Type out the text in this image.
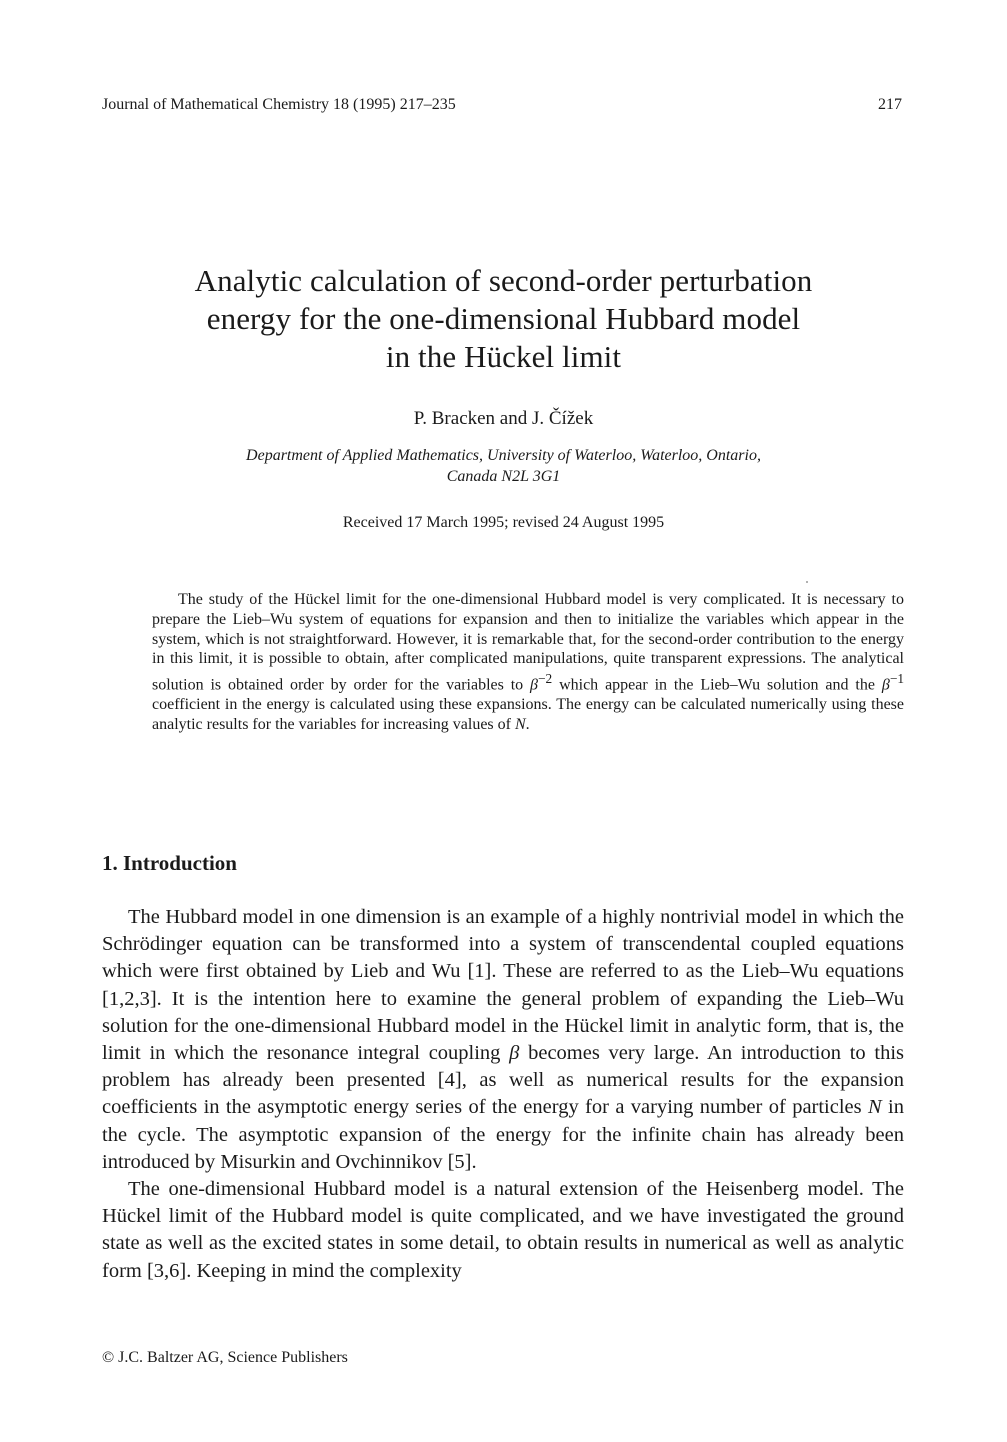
Journal of Mathematical Chemistry 18 (1995) 217–235	217
Analytic calculation of second-order perturbation
energy for the one-dimensional Hubbard model
in the Hückel limit
P. Bracken and J. Čížek
Department of Applied Mathematics, University of Waterloo, Waterloo, Ontario,
Canada N2L 3G1
Received 17 March 1995; revised 24 August 1995
The study of the Hückel limit for the one-dimensional Hubbard model is very complicated. It is necessary to prepare the Lieb–Wu system of equations for expansion and then to initialize the variables which appear in the system, which is not straightforward. However, it is remarkable that, for the second-order contribution to the energy in this limit, it is possible to obtain, after complicated manipulations, quite transparent expressions. The analytical solution is obtained order by order for the variables to $\beta^{-2}$ which appear in the Lieb–Wu solution and the $\beta^{-1}$ coefficient in the energy is calculated using these expansions. The energy can be calculated numerically using these analytic results for the variables for increasing values of N.
1. Introduction

The Hubbard model in one dimension is an example of a highly nontrivial model in which the Schrödinger equation can be transformed into a system of transcendental coupled equations which were first obtained by Lieb and Wu [1]. These are referred to as the Lieb–Wu equations [1,2,3]. It is the intention here to examine the general problem of expanding the Lieb–Wu solution for the one-dimensional Hubbard model in the Hückel limit in analytic form, that is, the limit in which the resonance integral coupling β becomes very large. An introduction to this problem has already been presented [4], as well as numerical results for the expansion coefficients in the asymptotic energy series of the energy for a varying number of particles N in the cycle. The asymptotic expansion of the energy for the infinite chain has already been introduced by Misurkin and Ovchinnikov [5].

The one-dimensional Hubbard model is a natural extension of the Heisenberg model. The Hückel limit of the Hubbard model is quite complicated, and we have investigated the ground state as well as the excited states in some detail, to obtain results in numerical as well as analytic form [3,6]. Keeping in mind the complexity

© J.C. Baltzer AG, Science Publishers
